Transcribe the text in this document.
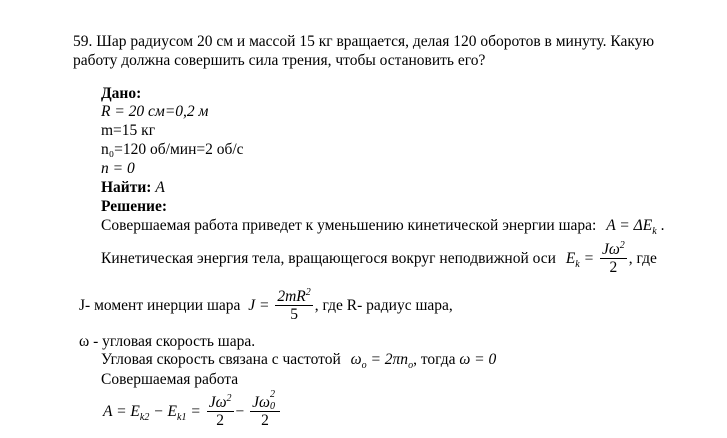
59. Шар радиусом 20 см и массой 15 кг вращается, делая 120 оборотов в минуту. Какую
работу должна совершить сила трения, чтобы остановить его?
Дано:
R = 20 см=0,2 м
m=15 кг
n₀=120 об/мин=2 об/с
n = 0
Найти: A
Решение:
Совершаемая работа приведет к уменьшению кинетической энергии шара: $A = \Delta E_k$ .
Кинетическая энергия тела, вращающегося вокруг неподвижной оси $E_k = \frac{J\omega^2}{2}$ , где
J- момент инерции шара $J = \frac{2mR^2}{5}$ , где R- радиус шара,
ω - угловая скорость шара.
Угловая скорость связана с частотой $\omega_o = 2\pi n_o$, тогда ω = 0
Совершаемая работа
$A = E_{k2} - E_{k1} = \frac{J\omega^2}{2} - J\omega$ 2
0
2
